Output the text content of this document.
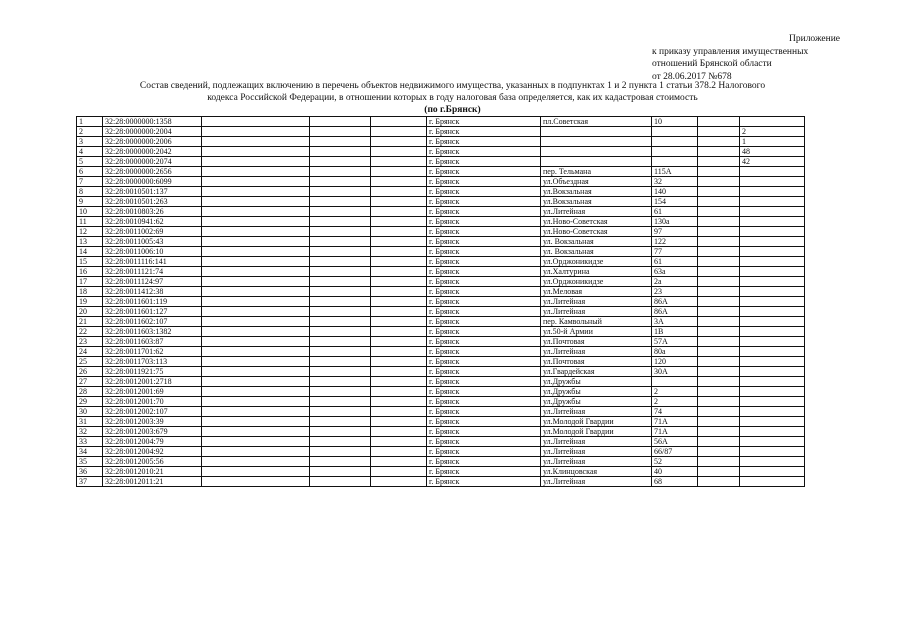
Приложение
к приказу управления имущественных
отношений Брянской области
от 28.06.2017 №678
Состав сведений, подлежащих включению в перечень объектов недвижимого имущества, указанных в подпунктах 1 и 2 пункта 1 статьи 378.2 Налогового
кодекса Российской Федерации, в отношении которых в году налоговая база определяется, как их кадастровая стоимость
(по г.Брянск)
1	32:28:0000000:1358				г. Брянск	пл.Советская	10		
2	32:28:0000000:2004				г. Брянск				2
3	32:28:0000000:2006				г. Брянск				1
4	32:28:0000000:2042				г. Брянск				48
5	32:28:0000000:2074				г. Брянск				42
6	32:28:0000000:2656				г. Брянск	пер. Тельмана	115А		
7	32:28:0000000:6099				г. Брянск	ул.Объездная	32		
8	32:28:0010501:137				г. Брянск	ул.Вокзальная	140		
9	32:28:0010501:263				г. Брянск	ул.Вокзальная	154		
10	32:28:0010803:26				г. Брянск	ул.Литейная	61		
11	32:28:0010941:62				г. Брянск	ул.Ново-Советская	130а		
12	32:28:0011002:69				г. Брянск	ул.Ново-Советская	97		
13	32:28:0011005:43				г. Брянск	ул. Вокзальная	122		
14	32:28:0011006:10				г. Брянск	ул. Вокзальная	77		
15	32:28:0011116:141				г. Брянск	ул.Орджоникидзе	61		
16	32:28:0011121:74				г. Брянск	ул.Халтурина	63а		
17	32:28:0011124:97				г. Брянск	ул.Орджоникидзе	2а		
18	32:28:0011412:38				г. Брянск	ул.Меловая	23		
19	32:28:0011601:119				г. Брянск	ул.Литейная	86А		
20	32:28:0011601:127				г. Брянск	ул.Литейная	86А		
21	32:28:0011602:107				г. Брянск	пер. Камвольный	3А		
22	32:28:0011603:1382				г. Брянск	ул.50-й Армии	1В		
23	32:28:0011603:87				г. Брянск	ул.Почтовая	57А		
24	32:28:0011701:62				г. Брянск	ул.Литейная	80а		
25	32:28:0011703:113				г. Брянск	ул.Почтовая	120		
26	32:28:0011921:75				г. Брянск	ул.Гвардейская	30А		
27	32:28:0012001:2718				г. Брянск	ул.Дружбы			
28	32:28:0012001:69				г. Брянск	ул.Дружбы	2		
29	32:28:0012001:70				г. Брянск	ул.Дружбы	2		
30	32:28:0012002:107				г. Брянск	ул.Литейная	74		
31	32:28:0012003:39				г. Брянск	ул.Молодой Гвардии	71А		
32	32:28:0012003:679				г. Брянск	ул.Молодой Гвардии	71А		
33	32:28:0012004:79				г. Брянск	ул.Литейная	56А		
34	32:28:0012004:92				г. Брянск	ул.Литейная	66/87		
35	32:28:0012005:56				г. Брянск	ул.Литейная	52		
36	32:28:0012010:21				г. Брянск	ул.Клинцовская	40		
37	32:28:0012011:21				г. Брянск	ул.Литейная	68		
